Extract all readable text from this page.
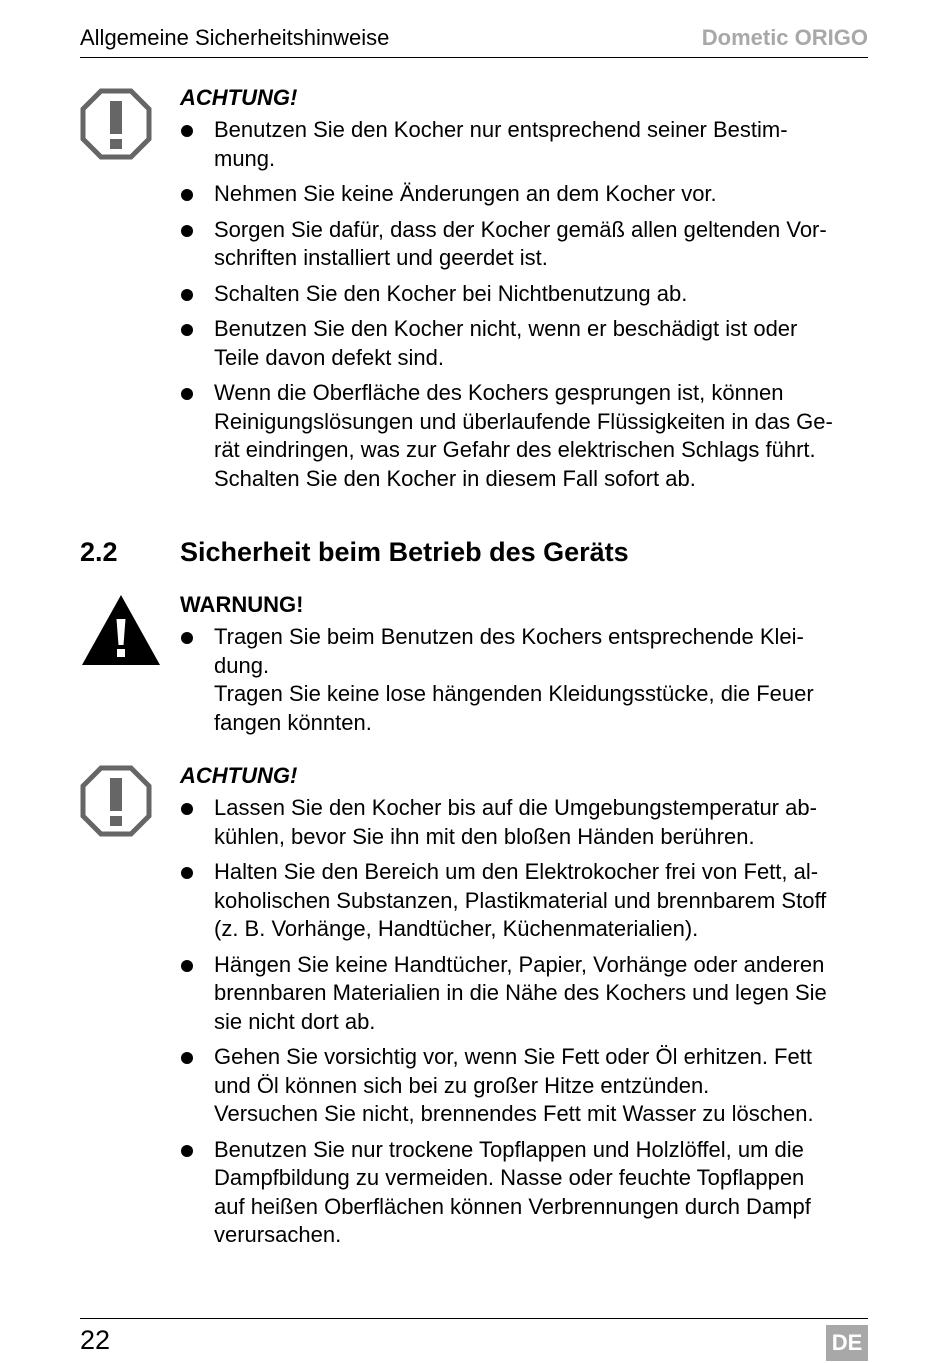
Allgemeine Sicherheitshinweise	Dometic ORIGO
ACHTUNG!
Benutzen Sie den Kocher nur entsprechend seiner Bestim-
mung.
Nehmen Sie keine Änderungen an dem Kocher vor.
Sorgen Sie dafür, dass der Kocher gemäß allen geltenden Vor-
schriften installiert und geerdet ist.
Schalten Sie den Kocher bei Nichtbenutzung ab.
Benutzen Sie den Kocher nicht, wenn er beschädigt ist oder
Teile davon defekt sind.
Wenn die Oberfläche des Kochers gesprungen ist, können
Reinigungslösungen und überlaufende Flüssigkeiten in das Ge-
rät eindringen, was zur Gefahr des elektrischen Schlags führt.
Schalten Sie den Kocher in diesem Fall sofort ab.
2.2 Sicherheit beim Betrieb des Geräts
WARNUNG!
Tragen Sie beim Benutzen des Kochers entsprechende Klei-
dung.
Tragen Sie keine lose hängenden Kleidungsstücke, die Feuer
fangen könnten.
ACHTUNG!
Lassen Sie den Kocher bis auf die Umgebungstemperatur ab-
kühlen, bevor Sie ihn mit den bloßen Händen berühren.
Halten Sie den Bereich um den Elektrokocher frei von Fett, al-
koholischen Substanzen, Plastikmaterial und brennbarem Stoff
(z. B. Vorhänge, Handtücher, Küchenmaterialien).
Hängen Sie keine Handtücher, Papier, Vorhänge oder anderen
brennbaren Materialien in die Nähe des Kochers und legen Sie
sie nicht dort ab.
Gehen Sie vorsichtig vor, wenn Sie Fett oder Öl erhitzen. Fett
und Öl können sich bei zu großer Hitze entzünden.
Versuchen Sie nicht, brennendes Fett mit Wasser zu löschen.
Benutzen Sie nur trockene Topflappen und Holzlöffel, um die
Dampfbildung zu vermeiden. Nasse oder feuchte Topflappen
auf heißen Oberflächen können Verbrennungen durch Dampf
verursachen.
22	DE
